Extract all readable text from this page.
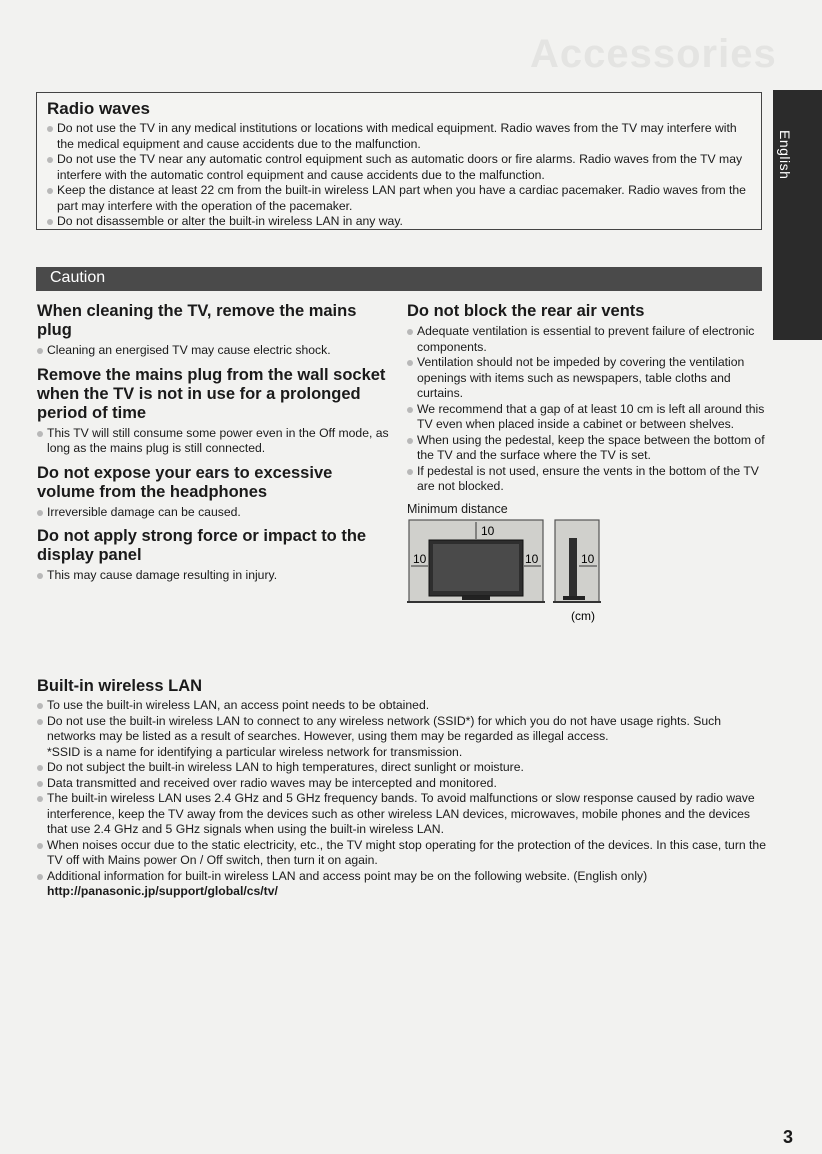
Accessories
English
Radio waves
Do not use the TV in any medical institutions or locations with medical equipment. Radio waves from the TV may interfere with the medical equipment and cause accidents due to the malfunction.
Do not use the TV near any automatic control equipment such as automatic doors or fire alarms. Radio waves from the TV may interfere with the automatic control equipment and cause accidents due to the malfunction.
Keep the distance at least 22 cm from the built-in wireless LAN part when you have a cardiac pacemaker. Radio waves from the part may interfere with the operation of the pacemaker.
Do not disassemble or alter the built-in wireless LAN in any way.
Caution
When cleaning the TV, remove the mains plug
Cleaning an energised TV may cause electric shock.
Remove the mains plug from the wall socket when the TV is not in use for a prolonged period of time
This TV will still consume some power even in the Off mode, as long as the mains plug is still connected.
Do not expose your ears to excessive volume from the headphones
Irreversible damage can be caused.
Do not apply strong force or impact to the display panel
This may cause damage resulting in injury.
Do not block the rear air vents
Adequate ventilation is essential to prevent failure of electronic components.
Ventilation should not be impeded by covering the ventilation openings with items such as newspapers, table cloths and curtains.
We recommend that a gap of at least 10 cm is left all around this TV even when placed inside a cabinet or between shelves.
When using the pedestal, keep the space between the bottom of the TV and the surface where the TV is set.
If pedestal is not used, ensure the vents in the bottom of the TV are not blocked.
Minimum distance
10
10	10	10
(cm)
Built-in wireless LAN
To use the built-in wireless LAN, an access point needs to be obtained.
Do not use the built-in wireless LAN to connect to any wireless network (SSID*) for which you do not have usage rights. Such networks may be listed as a result of searches. However, using them may be regarded as illegal access.
*SSID is a name for identifying a particular wireless network for transmission.
Do not subject the built-in wireless LAN to high temperatures, direct sunlight or moisture.
Data transmitted and received over radio waves may be intercepted and monitored.
The built-in wireless LAN uses 2.4 GHz and 5 GHz frequency bands. To avoid malfunctions or slow response caused by radio wave interference, keep the TV away from the devices such as other wireless LAN devices, microwaves, mobile phones and the devices that use 2.4 GHz and 5 GHz signals when using the built-in wireless LAN.
When noises occur due to the static electricity, etc., the TV might stop operating for the protection of the devices. In this case, turn the TV off with Mains power On / Off switch, then turn it on again.
Additional information for built-in wireless LAN and access point may be on the following website. (English only)
http://panasonic.jp/support/global/cs/tv/
3
